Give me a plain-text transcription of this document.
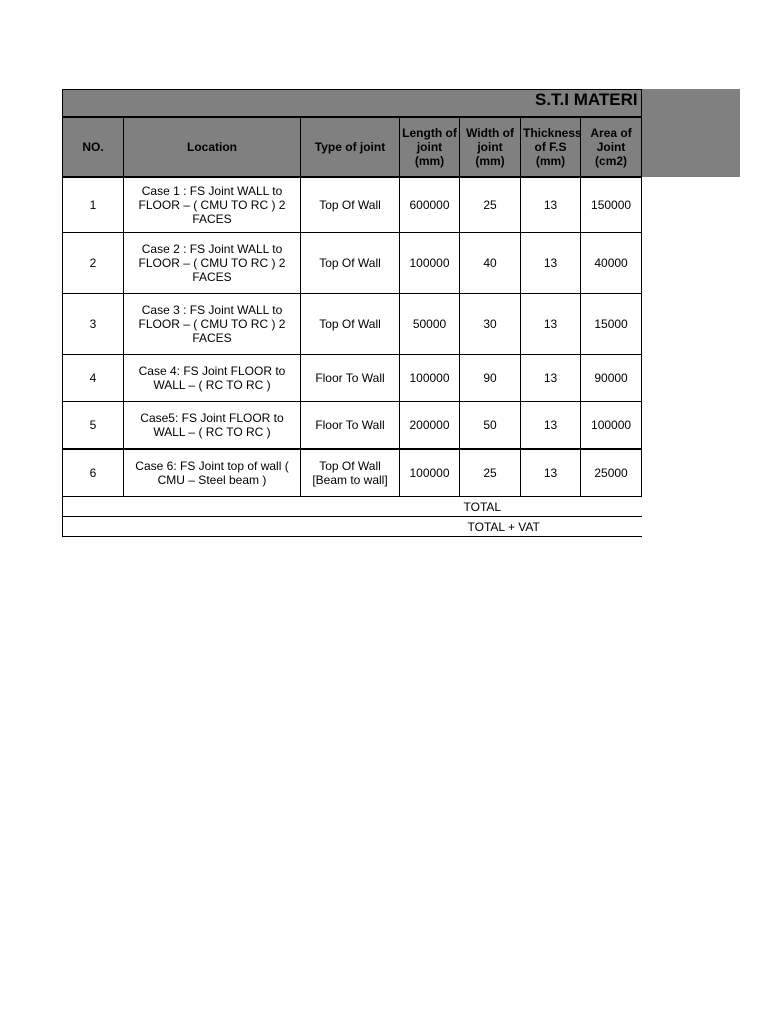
S.T.I MATERI						

NO.	Location	Type of joint	Length of joint (mm)	Width of joint (mm)	Thickness of F.S (mm)	Area of Joint (cm2)
1	Case 1 : FS Joint WALL to FLOOR – ( CMU TO RC ) 2 FACES	Top Of Wall	600000	25	13	150000
2	Case 2 : FS Joint WALL to FLOOR – ( CMU TO RC ) 2 FACES	Top Of Wall	100000	40	13	40000
3	Case 3 : FS Joint WALL to FLOOR – ( CMU TO RC ) 2 FACES	Top Of Wall	50000	30	13	15000
4	Case 4: FS Joint FLOOR to WALL – ( RC TO RC )	Floor To Wall	100000	90	13	90000
5	Case5: FS Joint FLOOR to WALL – ( RC TO RC )	Floor To Wall	200000	50	13	100000
6	Case 6: FS Joint top of wall ( CMU – Steel beam )	Top Of Wall [Beam to wall]	100000	25	13	25000
				TOTAL		
				TOTAL + VAT		
